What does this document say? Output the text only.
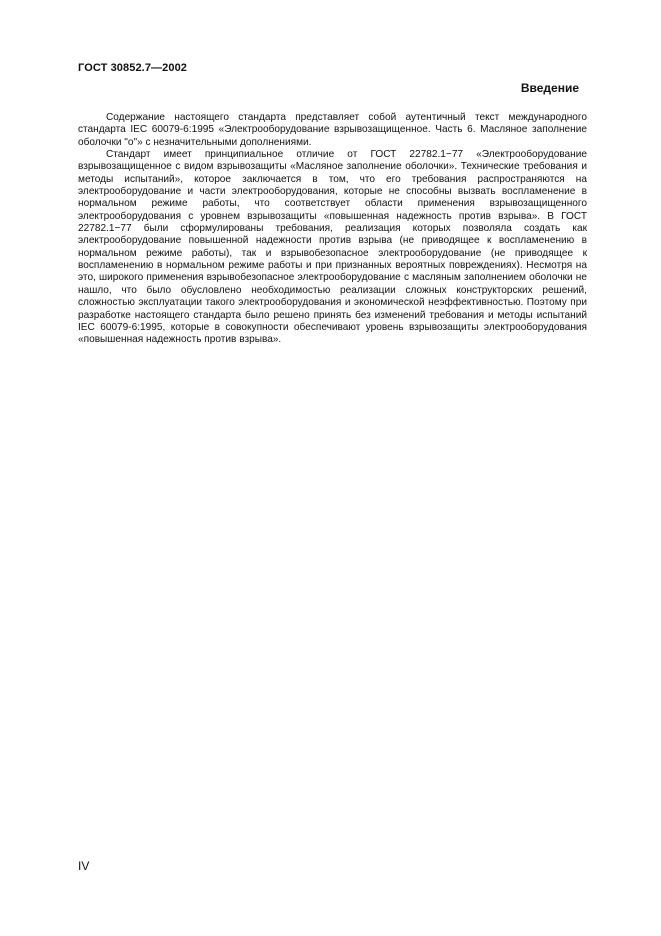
ГОСТ 30852.7—2002
Введение

Содержание настоящего стандарта представляет собой аутентичный текст международного стандарта IEC 60079-6:1995 «Электрооборудование взрывозащищенное. Часть 6. Масляное заполнение оболочки "о"» с незначительными дополнениями.

Стандарт имеет принципиальное отличие от ГОСТ 22782.1−77 «Электрооборудование взрывозащищенное с видом взрывозащиты «Масляное заполнение оболочки». Технические требования и методы испытаний», которое заключается в том, что его требования распространяются на электрооборудование и части электрооборудования, которые не способны вызвать воспламенение в нормальном режиме работы, что соответствует области применения взрывозащищенного электрооборудования с уровнем взрывозащиты «повышенная надежность против взрыва». В ГОСТ 22782.1−77 были сформулированы требования, реализация которых позволяла создать как электрооборудование повышенной надежности против взрыва (не приводящее к воспламенению в нормальном режиме работы), так и взрывобезопасное электрооборудование (не приводящее к воспламенению в нормальном режиме работы и при признанных вероятных повреждениях). Несмотря на это, широкого применения взрывобезопасное электрооборудование с масляным заполнением оболочки не нашло, что было обусловлено необходимостью реализации сложных конструкторских решений, сложностью эксплуатации такого электрооборудования и экономической неэффективностью. Поэтому при разработке настоящего стандарта было решено принять без изменений требования и методы испытаний IEC 60079-6:1995, которые в совокупности обеспечивают уровень взрывозащиты электрооборудования «повышенная надежность против взрыва».

IV
